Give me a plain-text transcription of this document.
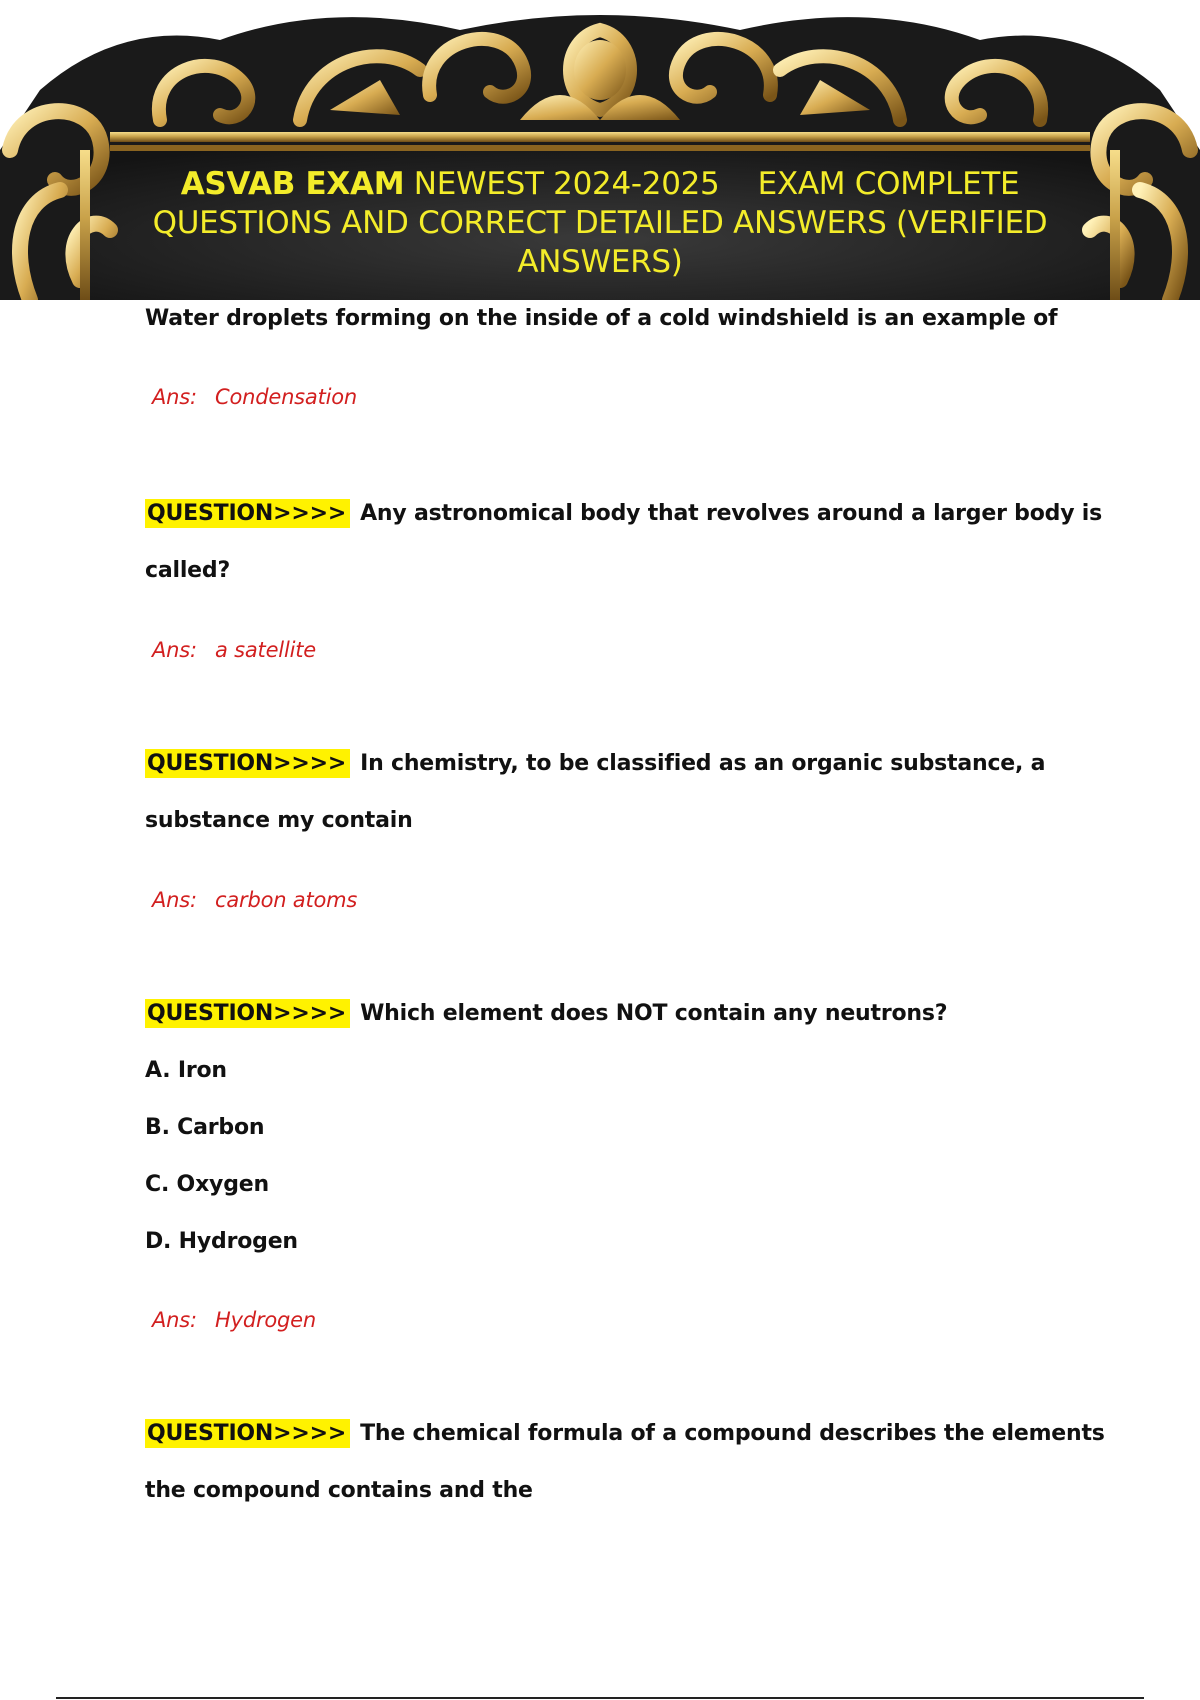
ASVAB EXAM NEWEST 2024-2025    EXAM COMPLETE
QUESTIONS AND CORRECT DETAILED ANSWERS (VERIFIED
ANSWERS)
Water droplets forming on the inside of a cold windshield is an example of
Ans: Condensation
QUESTION>>>> Any astronomical body that revolves around a larger body is
called?
Ans: a satellite
QUESTION>>>> In chemistry, to be classified as an organic substance, a
substance my contain
Ans: carbon atoms
QUESTION>>>> Which element does NOT contain any neutrons?
A. Iron
B. Carbon
C. Oxygen
D. Hydrogen
Ans: Hydrogen
QUESTION>>>> The chemical formula of a compound describes the elements
the compound contains and the
